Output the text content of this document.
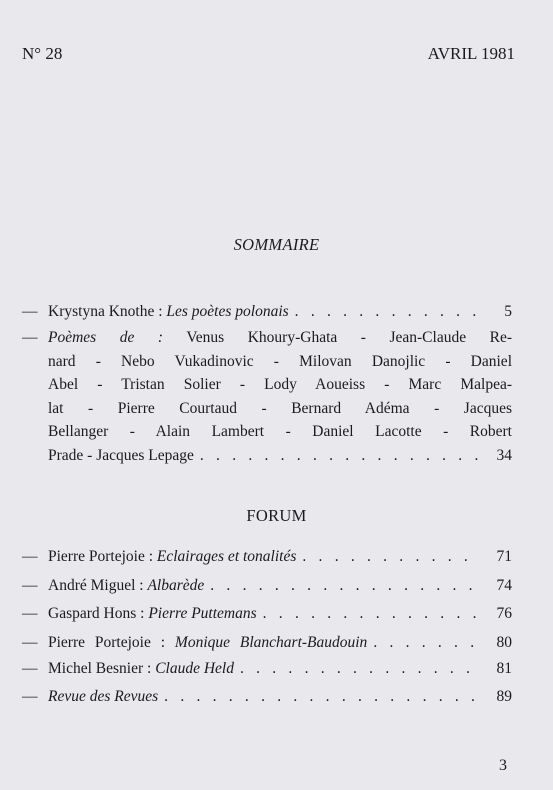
N° 28	AVRIL 1981
SOMMAIRE
— Krystyna Knothe : Les poètes polonais . . .	5
— Poèmes de : Venus Khoury-Ghata - Jean-Claude Re-
nard - Nebo Vukadinovic - Milovan Danojlic - Daniel
Abel - Tristan Solier - Lody Aoueiss - Marc Malpea-
lat - Pierre Courtaud - Bernard Adéma - Jacques
Bellanger - Alain Lambert - Daniel Lacotte - Robert
Prade - Jacques Lepage . . .	34
FORUM
— Pierre Portejoie : Eclairages et tonalités . . .	71
— André Miguel : Albarède . . .	74
— Gaspard Hons : Pierre Puttemans . . .	76
— Pierre Portejoie : Monique Blanchart-Baudouin . . .	80
— Michel Besnier : Claude Held . . .	81
— Revue des Revues . . .	89
3
